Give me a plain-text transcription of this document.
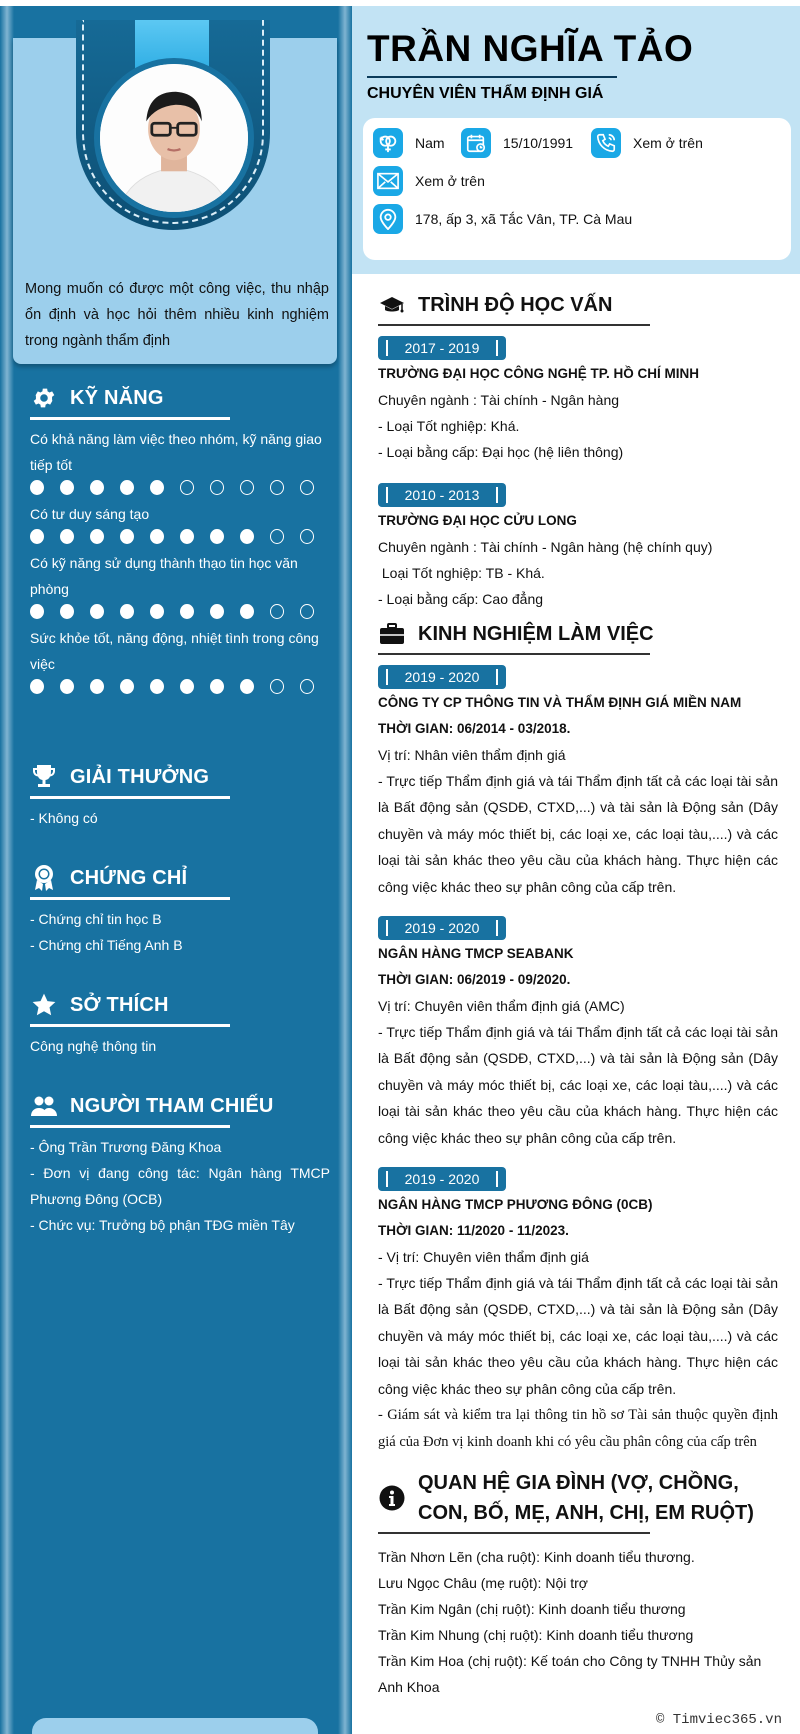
Mong muốn có được một công việc, thu nhập ổn định và học hỏi thêm nhiều kinh nghiệm trong ngành thẩm định
KỸ NĂNG
Có khả năng làm việc theo nhóm, kỹ năng giao tiếp tốt
Có tư duy sáng tạo
Có kỹ năng sử dụng thành thạo tin học văn phòng
Sức khỏe tốt, năng động, nhiệt tình trong công việc
GIẢI THƯỞNG
- Không có
CHỨNG CHỈ
- Chứng chỉ tin học B
- Chứng chỉ Tiếng Anh B
SỞ THÍCH
Công nghệ thông tin
NGƯỜI THAM CHIẾU
- Ông Trần Trương Đăng Khoa
- Đơn vị đang công tác: Ngân hàng TMCP Phương Đông (OCB)
- Chức vụ: Trưởng bộ phận TĐG miền Tây
TRẦN NGHĨA TẢO
CHUYÊN VIÊN THẨM ĐỊNH GIÁ
Nam	15/10/1991	Xem ở trên
Xem ở trên
178, ấp 3, xã Tắc Vân, TP. Cà Mau
TRÌNH ĐỘ HỌC VẤN
2017 - 2019
TRƯỜNG ĐẠI HỌC CÔNG NGHỆ TP. HỒ CHÍ MINH
Chuyên ngành : Tài chính - Ngân hàng
- Loại Tốt nghiệp: Khá.
- Loại bằng cấp: Đại học (hệ liên thông)
2010 - 2013
TRƯỜNG ĐẠI HỌC CỬU LONG
Chuyên ngành : Tài chính - Ngân hàng (hệ chính quy)
Loại Tốt nghiệp: TB - Khá.
- Loại bằng cấp: Cao đẳng
KINH NGHIỆM LÀM VIỆC
2019 - 2020
CÔNG TY CP THÔNG TIN VÀ THẨM ĐỊNH GIÁ MIỀN NAM
THỜI GIAN: 06/2014 - 03/2018.
Vị trí: Nhân viên thẩm định giá
- Trực tiếp Thẩm định giá và tái Thẩm định tất cả các loại tài sản là Bất động sản (QSDĐ, CTXD,...) và tài sản là Động sản (Dây chuyền và máy móc thiết bị, các loại xe, các loại tàu,....) và các loại tài sản khác theo yêu cầu của khách hàng. Thực hiện các công việc khác theo sự phân công của cấp trên.
2019 - 2020
NGÂN HÀNG TMCP SEABANK
THỜI GIAN: 06/2019 - 09/2020.
Vị trí: Chuyên viên thẩm định giá (AMC)
- Trực tiếp Thẩm định giá và tái Thẩm định tất cả các loại tài sản là Bất động sản (QSDĐ, CTXD,...) và tài sản là Động sản (Dây chuyền và máy móc thiết bị, các loại xe, các loại tàu,....) và các loại tài sản khác theo yêu cầu của khách hàng. Thực hiện các công việc khác theo sự phân công của cấp trên.
2019 - 2020
NGÂN HÀNG TMCP PHƯƠNG ĐÔNG (0CB)
THỜI GIAN: 11/2020 - 11/2023.
- Vị trí: Chuyên viên thẩm định giá
- Trực tiếp Thẩm định giá và tái Thẩm định tất cả các loại tài sản là Bất động sản (QSDĐ, CTXD,...) và tài sản là Động sản (Dây chuyền và máy móc thiết bị, các loại xe, các loại tàu,....) và các loại tài sản khác theo yêu cầu của khách hàng. Thực hiện các công việc khác theo sự phân công của cấp trên.
- Giám sát và kiểm tra lại thông tin hồ sơ Tài sản thuộc quyền định giá của Đơn vị kinh doanh khi có yêu cầu phân công của cấp trên
QUAN HỆ GIA ĐÌNH (VỢ, CHỒNG, CON, BỐ, MẸ, ANH, CHỊ, EM RUỘT)
Trần Nhơn Lẽn (cha ruột): Kinh doanh tiểu thương.
Lưu Ngọc Châu (mẹ ruột): Nội trợ
Trần Kim Ngân (chị ruột): Kinh doanh tiểu thương
Trần Kim Nhung (chị ruột): Kinh doanh tiểu thương
Trần Kim Hoa (chị ruột): Kế toán cho Công ty TNHH Thủy sản Anh Khoa
© Timviec365.vn
